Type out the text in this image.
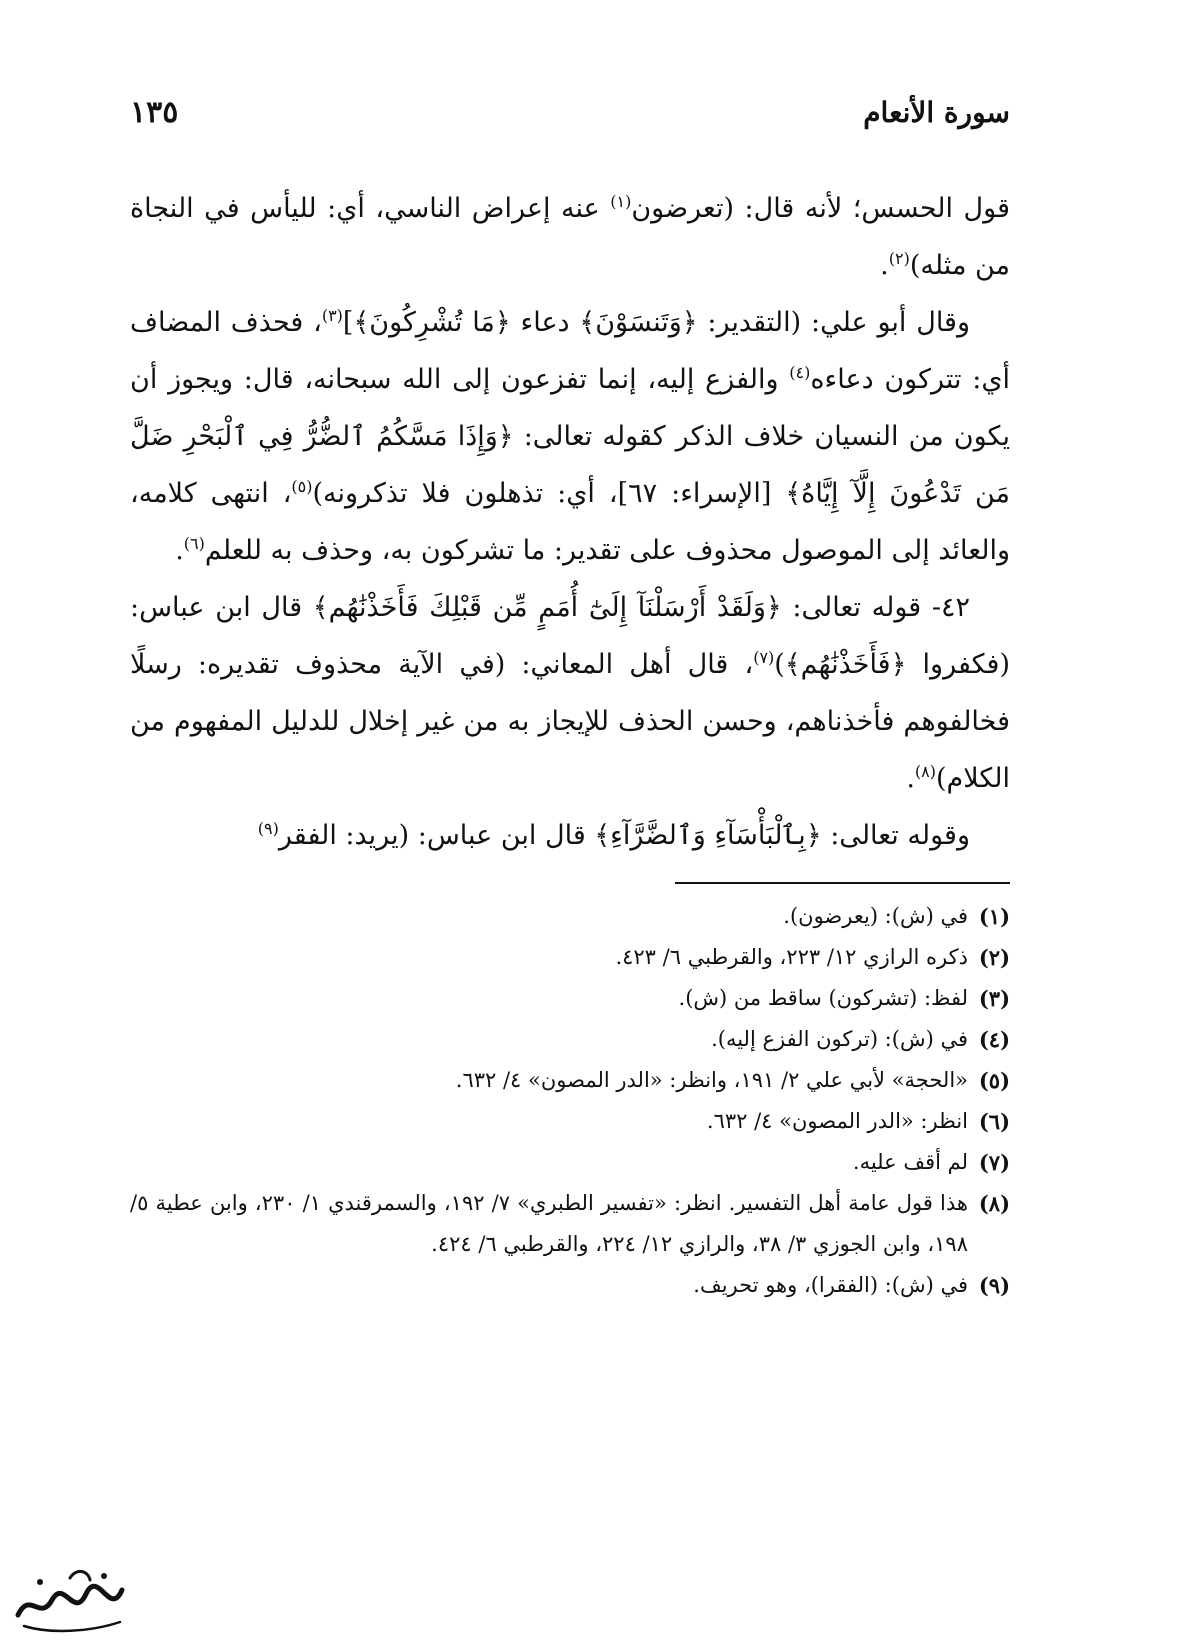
سورة الأنعام
١٣٥

قول الحسس؛ لأنه قال: (تعرضون$^{(١)}$ عنه إعراض الناسي، أي: لليأس في النجاة من مثله)$^{(٢)}$.

وقال أبو علي: (التقدير: ﴿وَتَنسَوْنَ﴾ دعاء ﴿مَا تُشْرِكُونَ﴾]$^{(٣)}$، فحذف المضاف أي: تتركون دعاءه$^{(٤)}$ والفزع إليه، إنما تفزعون إلى الله سبحانه، قال: ويجوز أن يكون من النسيان خلاف الذكر كقوله تعالى: ﴿وَإِذَا مَسَّكُمُ ٱلضُّرُّ فِي ٱلْبَحْرِ ضَلَّ مَن تَدْعُونَ إِلَّآ إِيَّاهُ﴾ [الإسراء: ٦٧]، أي: تذهلون فلا تذكرونه)$^{(٥)}$، انتهى كلامه، والعائد إلى الموصول محذوف على تقدير: ما تشركون به، وحذف به للعلم$^{(٦)}$.

٤٢- قوله تعالى: ﴿وَلَقَدْ أَرْسَلْنَآ إِلَىٰٓ أُمَمٍ مِّن قَبْلِكَ فَأَخَذْنَٰهُم﴾ قال ابن عباس: (فكفروا ﴿فَأَخَذْنَٰهُم﴾)$^{(٧)}$، قال أهل المعاني: (في الآية محذوف تقديره: رسلًا فخالفوهم فأخذناهم، وحسن الحذف للإيجاز به من غير إخلال للدليل المفهوم من الكلام)$^{(٨)}$.

وقوله تعالى: ﴿بِٱلْبَأْسَآءِ وَٱلضَّرَّآءِ﴾ قال ابن عباس: (يريد: الفقر$^{(٩)}$

(١)
في (ش): (يعرضون).
(٢)
ذكره الرازي ١٢/ ٢٢٣، والقرطبي ٦/ ٤٢٣.
(٣)
لفظ: (تشركون) ساقط من (ش).
(٤)
في (ش): (تركون الفزع إليه).
(٥)
«الحجة» لأبي علي ٢/ ١٩١، وانظر: «الدر المصون» ٤/ ٦٣٢.
(٦)
انظر: «الدر المصون» ٤/ ٦٣٢.
(٧)
لم أقف عليه.
(٨)
هذا قول عامة أهل التفسير. انظر: «تفسير الطبري» ٧/ ١٩٢، والسمرقندي ١/ ٢٣٠، وابن عطية ٥/ ١٩٨، وابن الجوزي ٣/ ٣٨، والرازي ١٢/ ٢٢٤، والقرطبي ٦/ ٤٢٤.
(٩)
في (ش): (الفقرا)، وهو تحريف.
